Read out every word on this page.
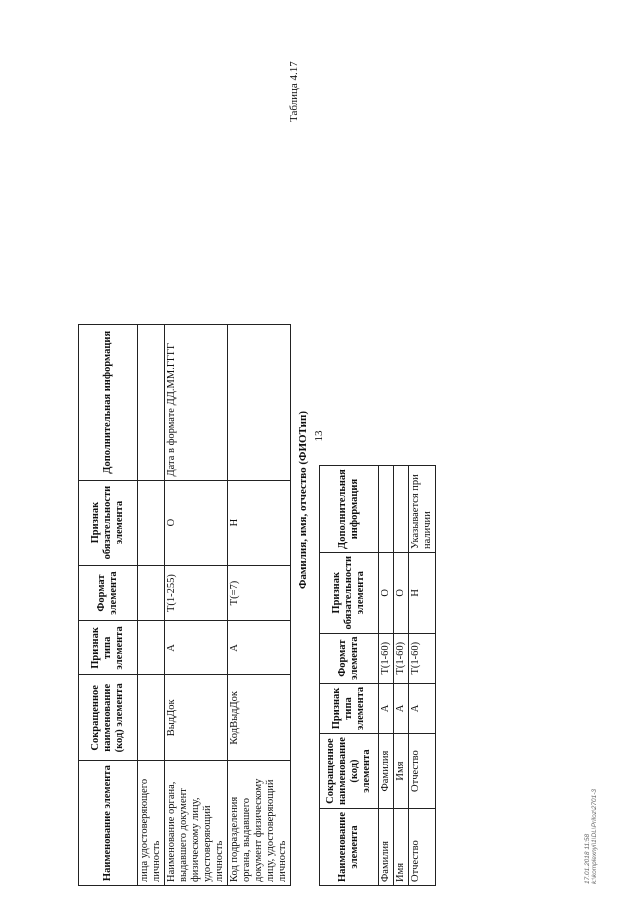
13
Наименование элемента	Сокращенное наименование (код) элемента	Признак типа элемента	Формат элемента	Признак обязательности элемента	Дополнительная информация
лица удостоверяющего личность					
Наименование органа, выдавшего документ физическому лицу, удостоверяющий личность	ВыдДок	А	T(1-255)	О	Дата в формате ДД.ММ.ГГГГ
Код подразделения органа, выдавшего документ физическому лицу, удостоверяющий личность	КодВыдДок	А	T(=7)	Н	
Таблица 4.17
Фамилия, имя, отчество (ФИОТип)
Наименование элемента	Сокращенное наименование (код) элемента	Признак типа элемента	Формат элемента	Признак обязательности элемента	Дополнительная информация
Фамилия	Фамилия	А	T(1-60)	О	
Имя	Имя	А	T(1-60)	О	
Отчество	Отчество	А	T(1-60)	Н	Указывается при наличии
17.01.2018 11:58 k:\komplexnyi\1\DL\Priloz\2701-3
